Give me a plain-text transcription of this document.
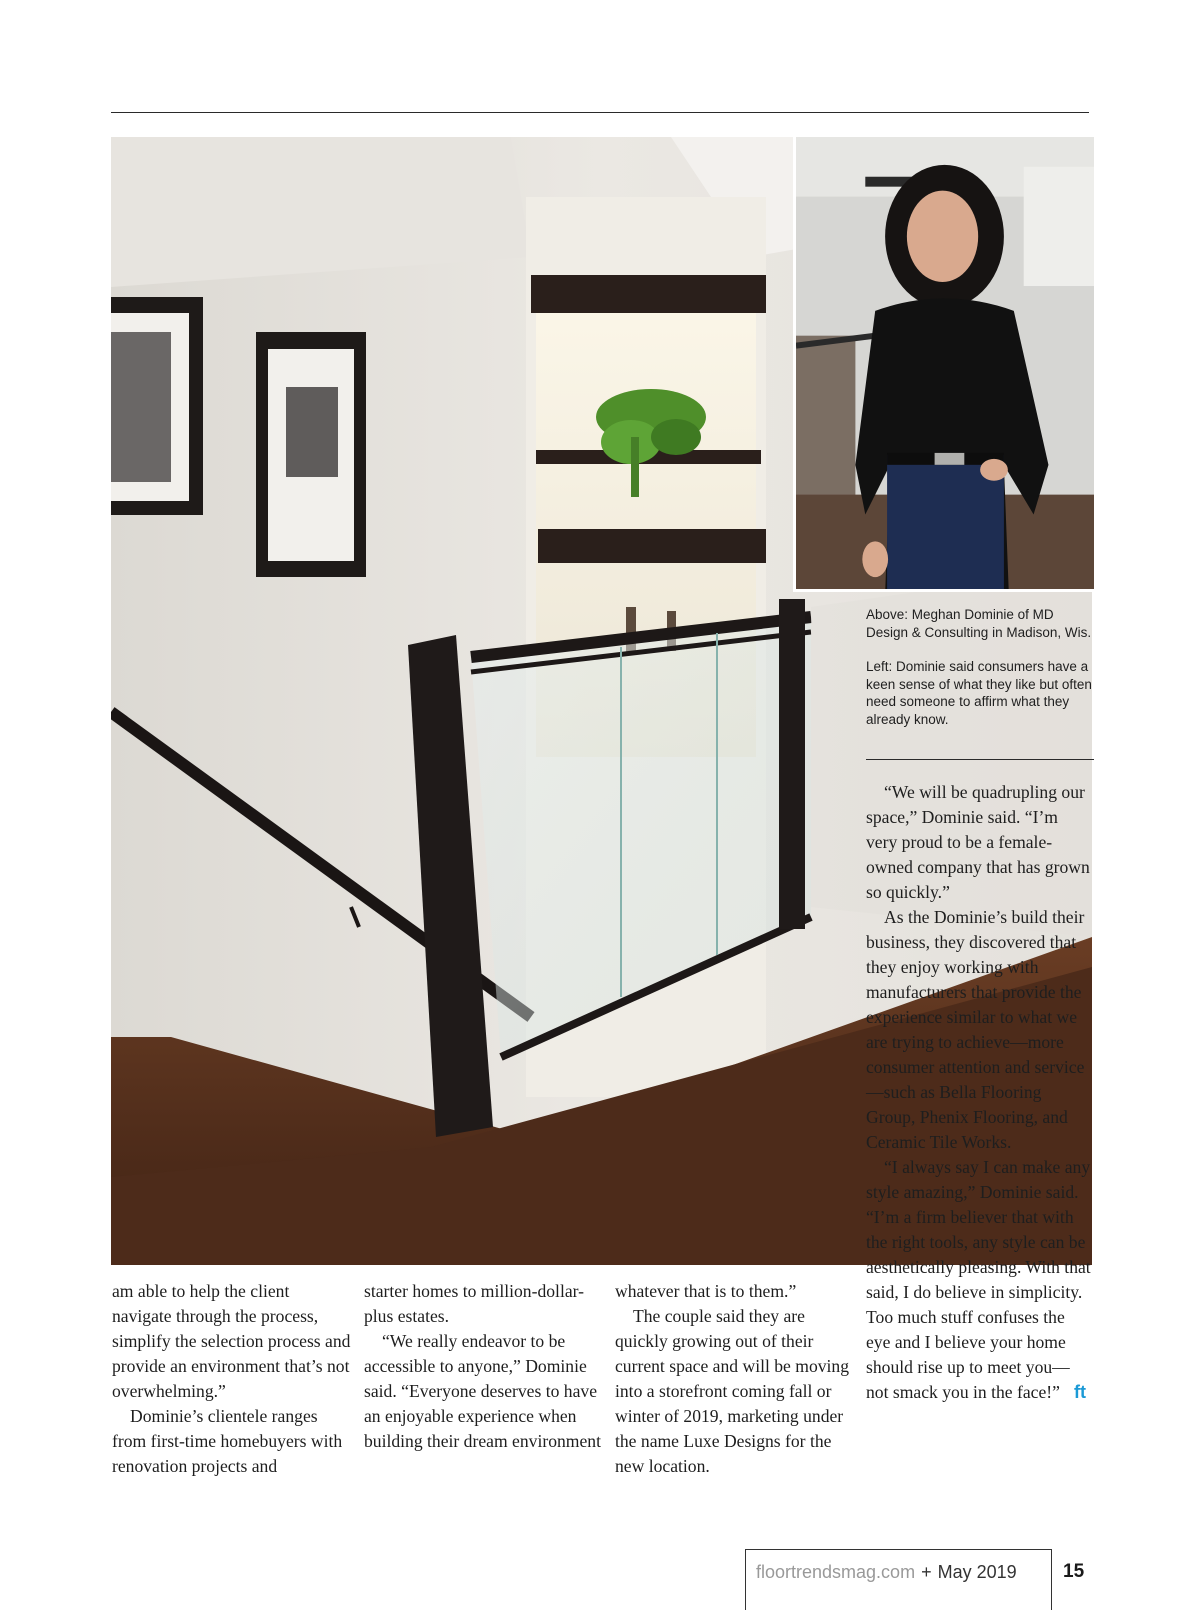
Above: Meghan Dominie of MD Design & Consulting in Madison, Wis.

Left: Dominie said consumers have a keen sense of what they like but often need someone to affirm what they already know.

“We will be quadrupling our space,” Dominie said. “I’m very proud to be a female-owned company that has grown so quickly.”

As the Dominie’s build their business, they discovered that they enjoy working with manufacturers that provide the experience similar to what we are trying to achieve—more consumer attention and service—such as Bella Flooring Group, Phenix Flooring, and Ceramic Tile Works.

“I always say I can make any style amazing,” Dominie said. “I’m a firm believer that with the right tools, any style can be aesthetically pleasing. With that said, I do believe in simplicity. Too much stuff confuses the eye and I believe your home should rise up to meet you—not smack you in the face!” ft

am able to help the client navigate through the process, simplify the selection process and provide an environment that’s not overwhelming.”

Dominie’s clientele ranges from first-time homebuyers with renovation projects and

starter homes to million-dollar-plus estates.

“We really endeavor to be accessible to anyone,” Dominie said. “Everyone deserves to have an enjoyable experience when building their dream environment

whatever that is to them.”

The couple said they are quickly growing out of their current space and will be moving into a storefront coming fall or winter of 2019, marketing under the name Luxe Designs for the new location.

floortrendsmag.com + May 2019 15
